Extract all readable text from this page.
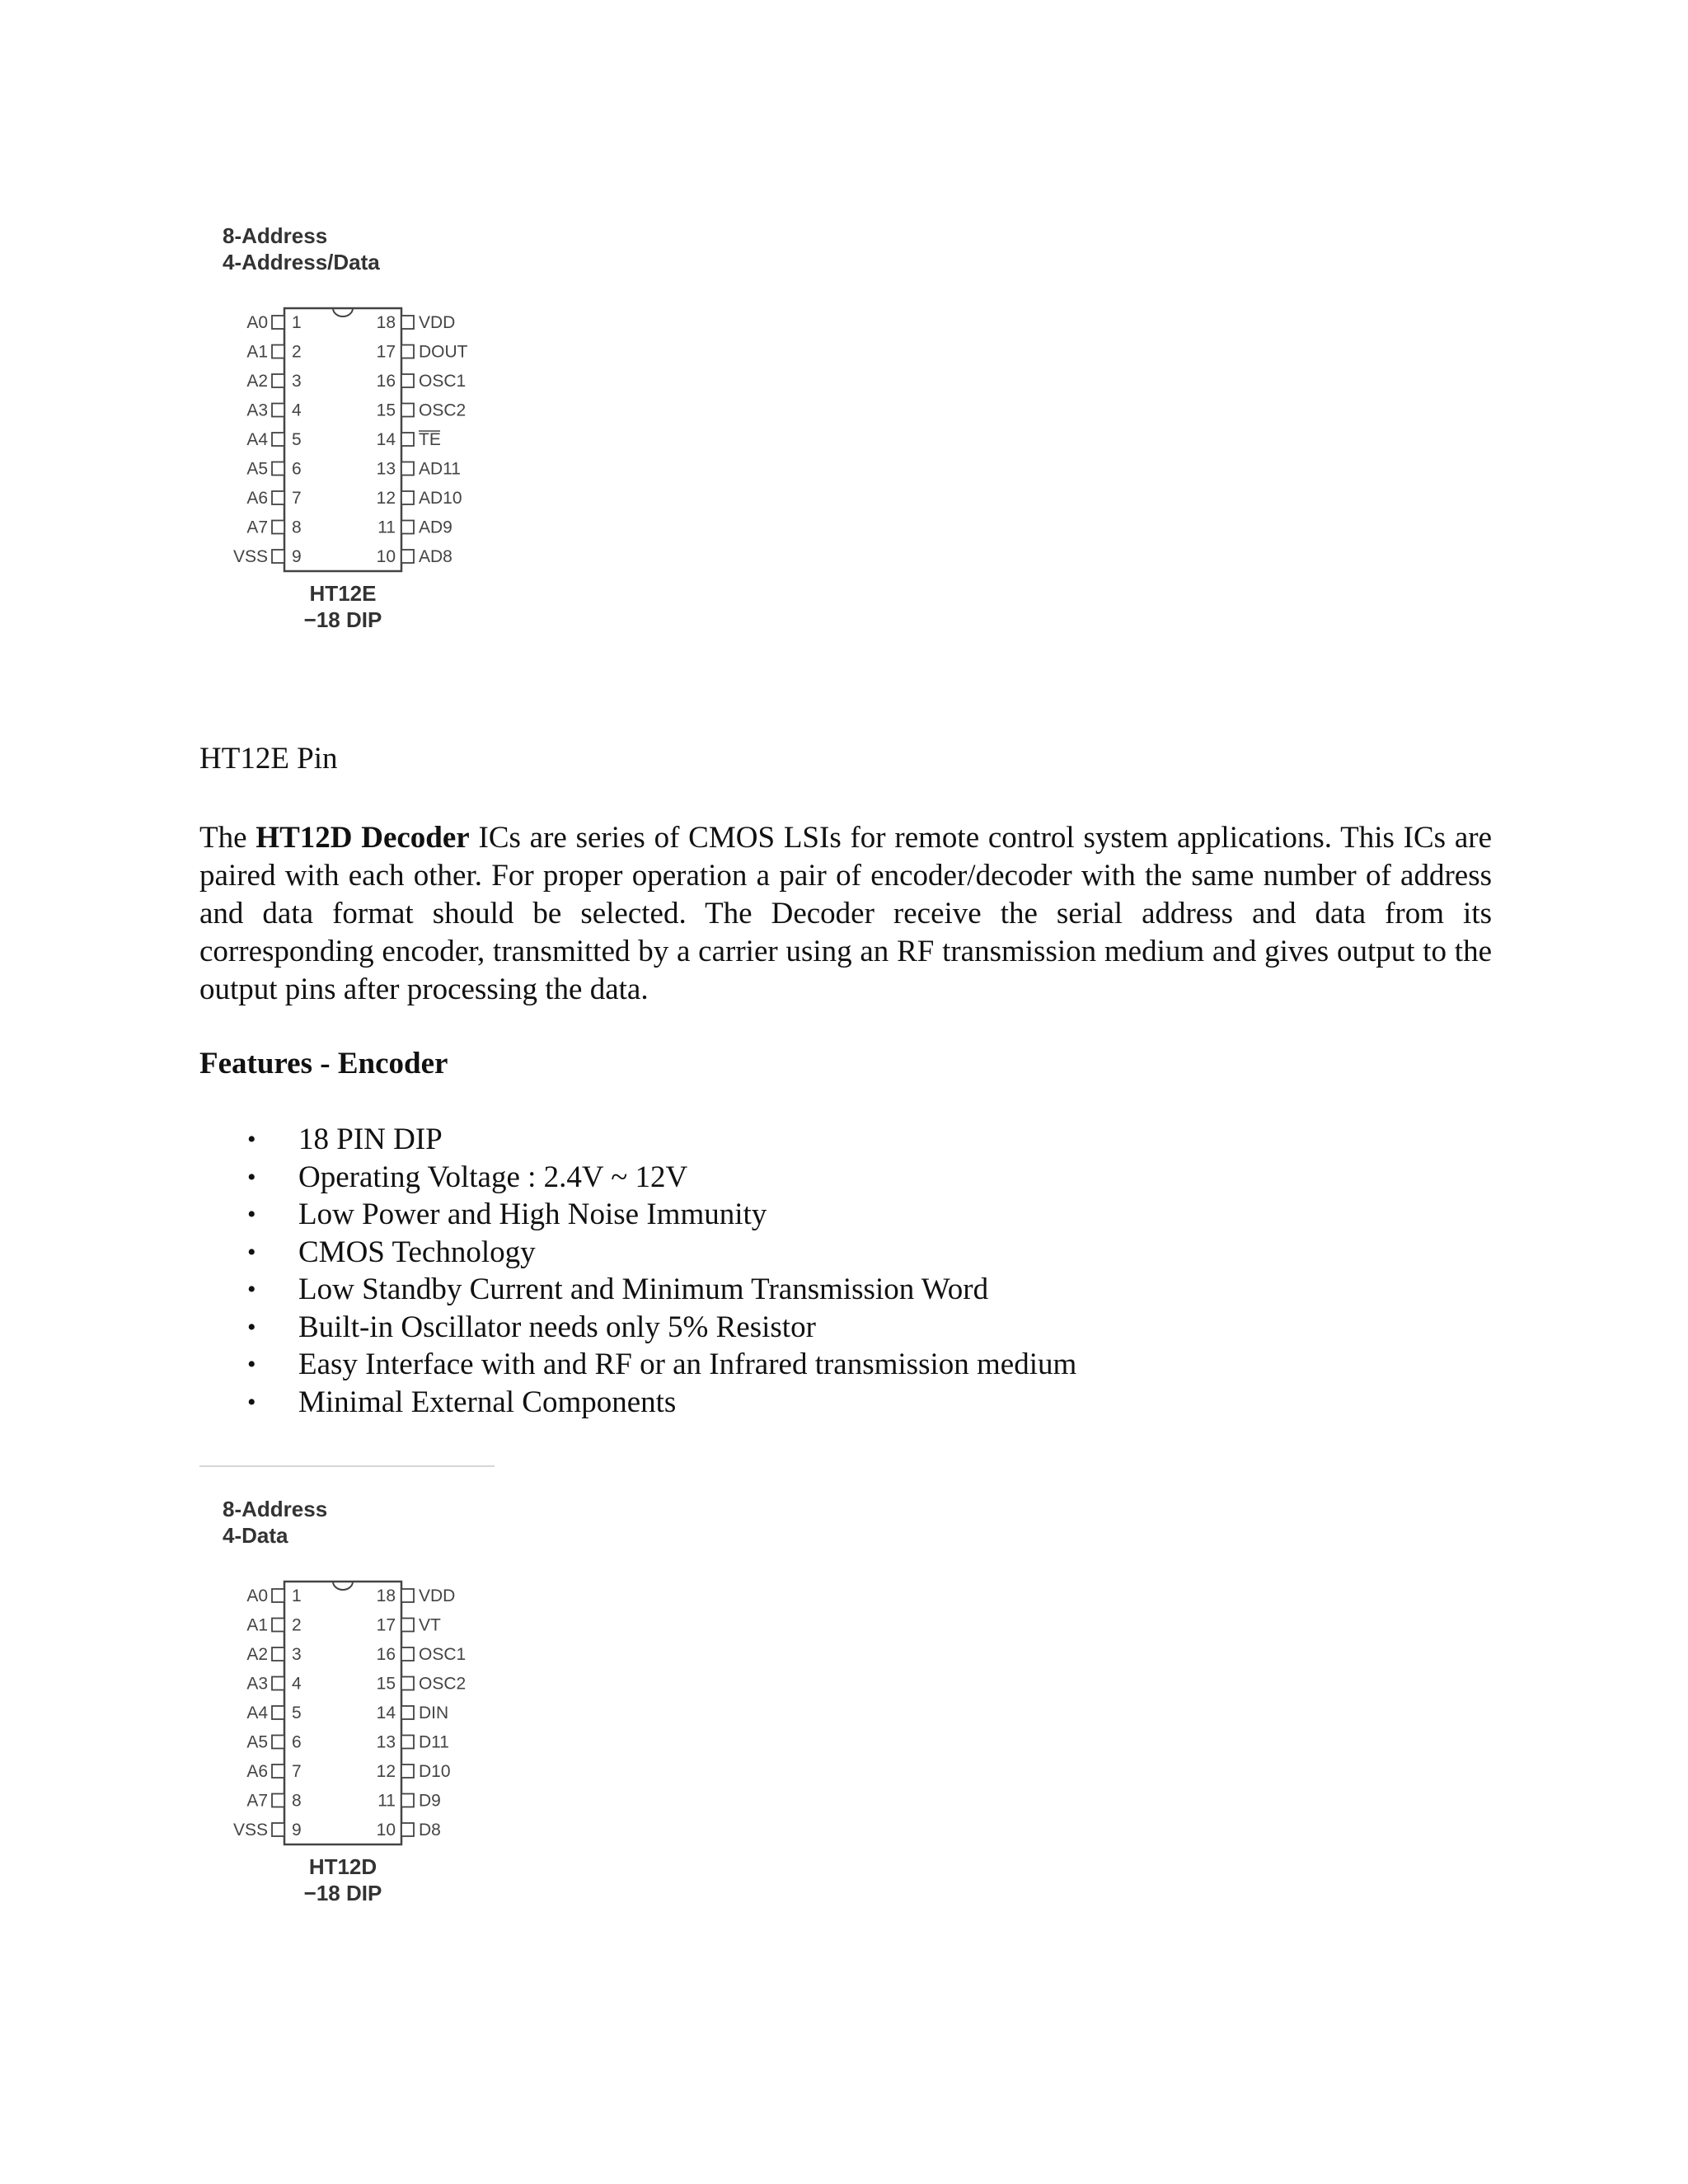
8-Address
4-Address/Data
A0 1
A1 2
A2 3
A3 4
A4 5
A5 6
A6 7
A7 8
VSS 9
VDD
18
DOUT
17
OSC1
16
OSC2
15
TE
14
AD11
13
AD10
12
AD9
11
AD8
10
HT12E
−18 DIP
HT12E Pin
The HT12D Decoder ICs are series of CMOS LSIs for remote control system applications. This ICs are paired with each other. For proper operation a pair of encoder/decoder with the same number of address and data format should be selected. The Decoder receive the serial address and data from its corresponding encoder, transmitted by a carrier using an RF transmission medium and gives output to the output pins after processing the data.
Features - Encoder
• 18 PIN DIP
• Operating Voltage : 2.4V ~ 12V
• Low Power and High Noise Immunity
• CMOS Technology
• Low Standby Current and Minimum Transmission Word
• Built-in Oscillator needs only 5% Resistor
• Easy Interface with and RF or an Infrared transmission medium
• Minimal External Components
8-Address
4-Data
A0 1
A1 2
A2 3
A3 4
A4 5
A5 6
A6 7
A7 8
VSS 9
VDD
18
VT
17
OSC1
16
OSC2
15
DIN
14
D11
13
D10
12
D9
11
D8
10
HT12D
−18 DIP
